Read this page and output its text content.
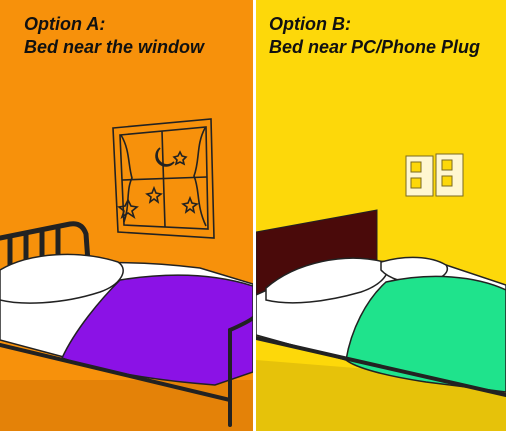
Option A:
Bed near the window
Option B:
Bed near PC/Phone Plug
